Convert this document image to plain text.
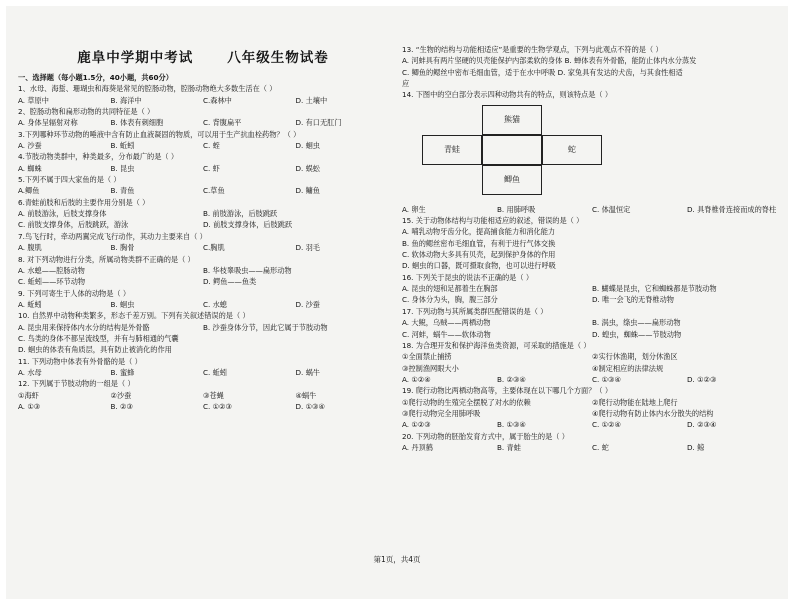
鹿阜中学期中考试	八年级生物试卷
一、选择题（每小题1.5分，40小题，共60分）
1、水母、海蜇、珊瑚虫和海葵是常见的腔肠动物，腔肠动物绝大多数生活在（ ）
A. 草原中	B. 海洋中	C.森林中	D. 土壤中
2、腔肠动物和扁形动物的共同特征是（ ）
A. 身体呈辐射对称	B. 体表有刺细胞	C. 背腹扁平	D. 有口无肛门
3.下列哪种环节动物的唾液中含有防止血液凝固的物质，可以用于生产抗血栓药物？（ ）
A. 沙蚕	B. 蚯蚓	C. 蛭	D. 蛔虫
4.节肢动物类群中，种类最多，分布最广的是（ ）
A. 蜘蛛	B. 昆虫	C. 虾	D. 蜈蚣
5.下列不属于四大家鱼的是（ ）
A.鲫鱼	B. 青鱼	C.草鱼	D. 鳙鱼
6.青蛙前肢和后肢的主要作用分别是（ ）
A. 前肢游泳，后肢支撑身体	B. 前肢游泳，后肢跳跃
C. 前肢支撑身体，后肢跳跃，游泳	D. 前肢支撑身体，后肢跳跃
7.鸟飞行时，牵动两翼完成飞行动作，其动力主要来自（ ）
A. 腹肌	B. 胸骨	C.胸肌	D. 羽毛
8. 对下列动物进行分类，所属动物类群不正确的是（ ）
A. 水螅——腔肠动物	B. 华枝睾吸虫——扁形动物
C. 蚯蚓——环节动物	D. 鳄鱼——鱼类
9. 下列可寄生于人体的动物是（ ）
A. 蚯蚓	B. 蛔虫	C. 水螅	D. 沙蚕
10. 自然界中动物种类繁多，形态千差万别。下列有关叙述错误的是（ ）
A. 昆虫用来保持体内水分的结构是外骨骼	B. 沙蚕身体分节，因此它属于节肢动物
C. 鸟类的身体不都呈流线型，并有与肺相通的气囊
D. 蛔虫的体表有角质层，具有防止被消化的作用
11. 下列动物中体表有外骨骼的是（ ）
A. 水母	B. 蜜蜂	C. 蚯蚓	D. 蜗牛
12. 下列属于节肢动物的一组是（ ）
①海虾	②沙蚕	③苍蝇	④蜗牛
A. ①③	B. ②③	C. ①②③	D. ①③④
13. “生物的结构与功能相适应”是重要的生物学观点，下列与此观点不符的是（ ）
A. 河蚌具有两片坚硬的贝壳能保护内部柔软的身体 B. 蝉体表有外骨骼，能防止体内水分蒸发
C. 鲫鱼的鳃丝中密布毛细血管，适于在水中呼吸 D. 家兔具有发达的犬齿，与其食性相适
应
14. 下图中的空白部分表示四种动物共有的特点，则该特点是（ ）
熊猫
青蛙	蛇
鲫鱼
A. 卵生	B. 用肺呼吸	C. 体温恒定	D. 具脊椎骨连接而成的脊柱
15. 关于动物体结构与功能相适应的叙述，错误的是（ ）
A. 哺乳动物牙齿分化，提高捕食能力和消化能力
B. 鱼的鳃丝密布毛细血管，有利于进行气体交换
C. 软体动物大多具有贝壳，起到保护身体的作用
D. 蛔虫的口器，既可摄取食物，也可以进行呼吸
16. 下列关于昆虫的说法不正确的是（ ）
A. 昆虫的翅和足都着生在胸部	B. 蝴蝶是昆虫，它和蜘蛛都是节肢动物
C. 身体分为头，胸，腹三部分	D. 唯一会飞的无脊椎动物
17. 下列动物与其所属类群匹配错误的是（ ）
A. 大鲵，乌贼——两栖动物	B. 涡虫，绦虫——扁形动物
C. 河蚌，蜗牛——软体动物	D. 蝗虫，蜘蛛——节肢动物
18. 为合理开发和保护海洋鱼类资源，可采取的措施是（ ）
①全面禁止捕捞	②实行休渔期，划分休渔区
③控制渔网眼大小	④制定相应的法律法规
A. ①②④	B. ②③④	C. ①③④	D. ①②③
19. 爬行动物比两栖动物高等，主要体现在以下哪几个方面？（ ）
①爬行动物的生殖完全摆脱了对水的依赖	②爬行动物能在陆地上爬行
③爬行动物完全用肺呼吸	④爬行动物有防止体内水分散失的结构
A. ①②③	B. ①③④	C. ①②④	D. ②③④
20. 下列动物的胚胎发育方式中，属于胎生的是（ ）
A. 丹顶鹤	B. 青蛙	C. 蛇	D. 鲸
第1页，共4页
